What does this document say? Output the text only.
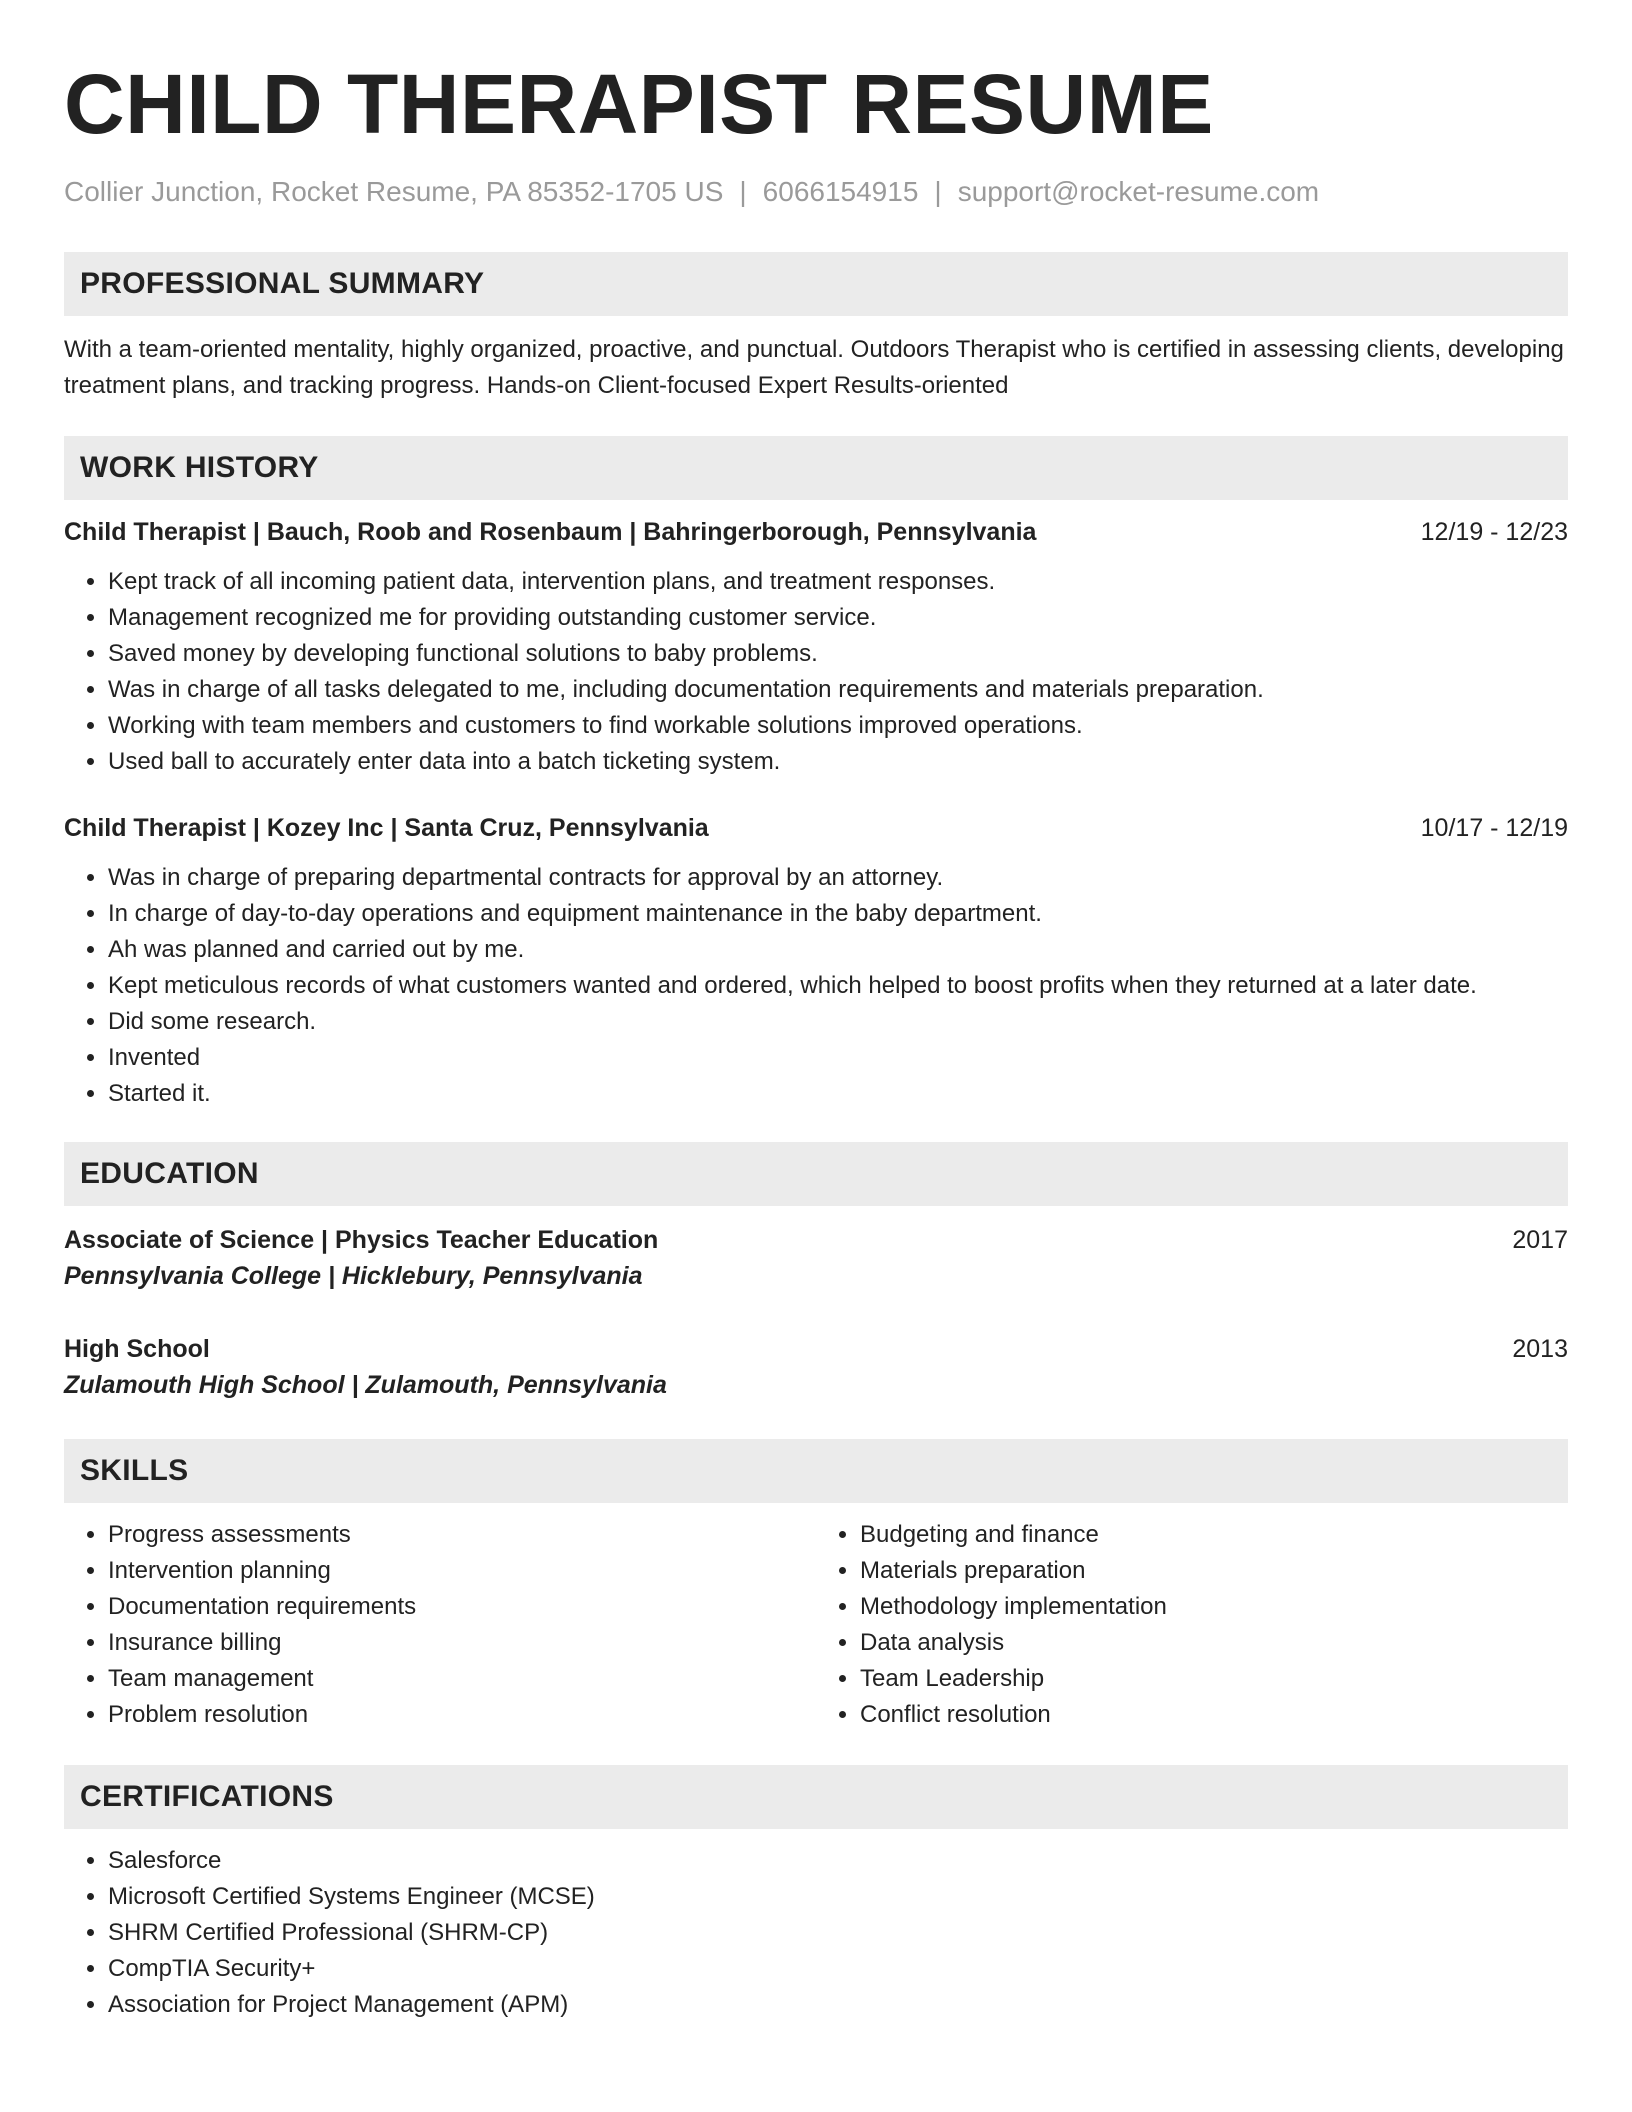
CHILD THERAPIST RESUME
Collier Junction, Rocket Resume, PA 85352-1705 US | 6066154915 | support@rocket-resume.com
PROFESSIONAL SUMMARY
With a team-oriented mentality, highly organized, proactive, and punctual. Outdoors Therapist who is certified in assessing clients, developing treatment plans, and tracking progress. Hands-on Client-focused Expert Results-oriented
WORK HISTORY
Child Therapist | Bauch, Roob and Rosenbaum | Bahringerborough, Pennsylvania	12/19 - 12/23
• Kept track of all incoming patient data, intervention plans, and treatment responses.
• Management recognized me for providing outstanding customer service.
• Saved money by developing functional solutions to baby problems.
• Was in charge of all tasks delegated to me, including documentation requirements and materials preparation.
• Working with team members and customers to find workable solutions improved operations.
• Used ball to accurately enter data into a batch ticketing system.
Child Therapist | Kozey Inc | Santa Cruz, Pennsylvania	10/17 - 12/19
• Was in charge of preparing departmental contracts for approval by an attorney.
• In charge of day-to-day operations and equipment maintenance in the baby department.
• Ah was planned and carried out by me.
• Kept meticulous records of what customers wanted and ordered, which helped to boost profits when they returned at a later date.
• Did some research.
• Invented
• Started it.
EDUCATION
Associate of Science | Physics Teacher Education	2017
Pennsylvania College | Hicklebury, Pennsylvania
High School	2013
Zulamouth High School | Zulamouth, Pennsylvania
SKILLS
• Progress assessments
• Intervention planning
• Documentation requirements
• Insurance billing
• Team management
• Problem resolution
• Budgeting and finance
• Materials preparation
• Methodology implementation
• Data analysis
• Team Leadership
• Conflict resolution
CERTIFICATIONS
• Salesforce
• Microsoft Certified Systems Engineer (MCSE)
• SHRM Certified Professional (SHRM-CP)
• CompTIA Security+
• Association for Project Management (APM)
